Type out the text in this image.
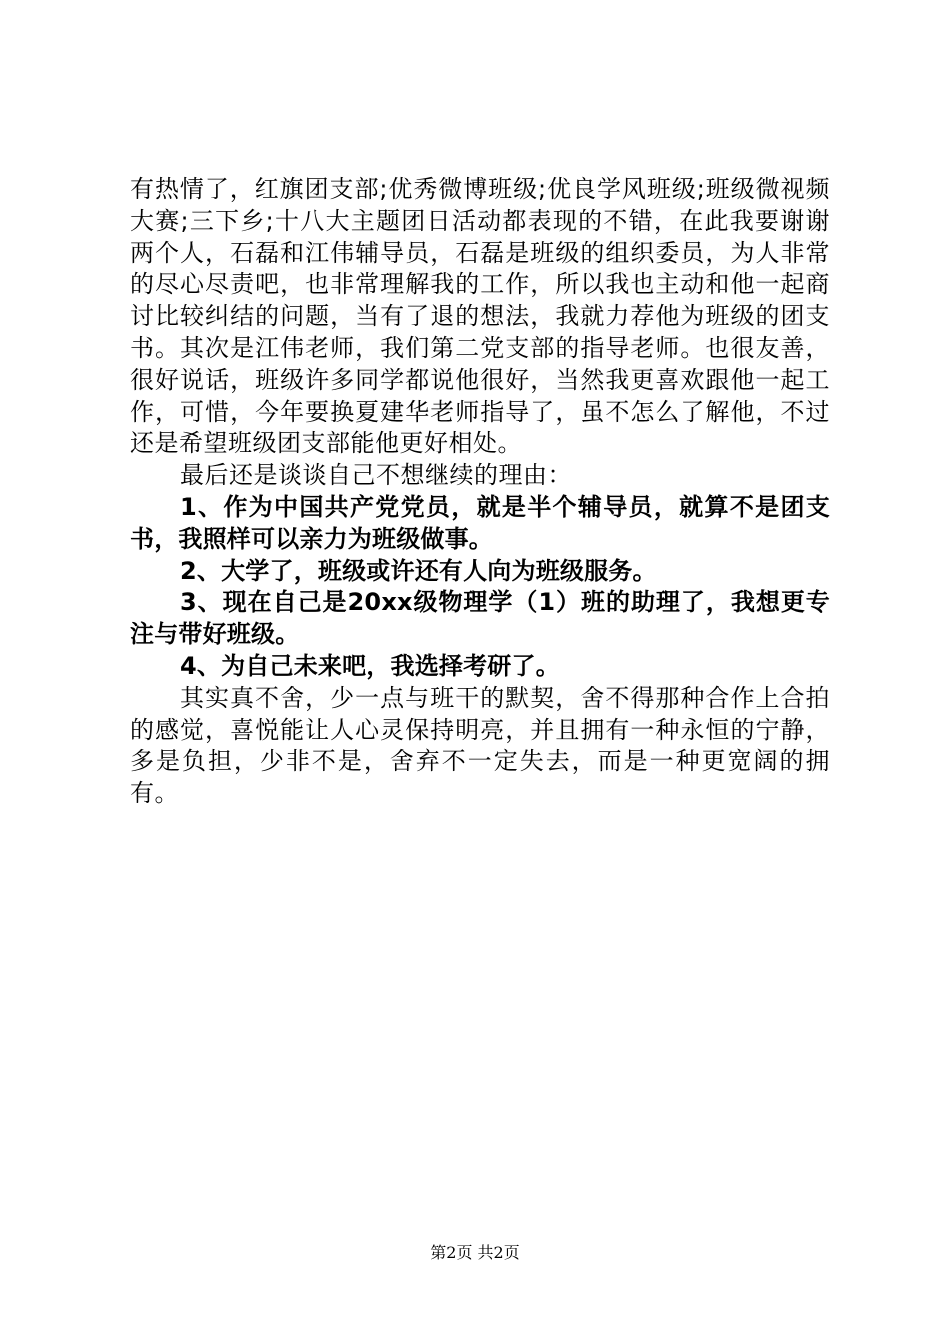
有热情了，红旗团支部;优秀微博班级;优良学风班级;班级微视频大赛;三下乡;十八大主题团日活动都表现的不错，在此我要谢谢两个人，石磊和江伟辅导员，石磊是班级的组织委员，为人非常的尽心尽责吧，也非常理解我的工作，所以我也主动和他一起商讨比较纠结的问题，当有了退的想法，我就力荐他为班级的团支书。其次是江伟老师，我们第二党支部的指导老师。也很友善，很好说话，班级许多同学都说他很好，当然我更喜欢跟他一起工作，可惜，今年要换夏建华老师指导了，虽不怎么了解他，不过还是希望班级团支部能他更好相处。

最后还是谈谈自己不想继续的理由：

1、作为中国共产党党员，就是半个辅导员，就算不是团支书，我照样可以亲力为班级做事。

2、大学了，班级或许还有人向为班级服务。

3、现在自己是20xx级物理学（1）班的助理了，我想更专注与带好班级。

4、为自己未来吧，我选择考研了。

其实真不舍，少一点与班干的默契，舍不得那种合作上合拍的感觉，喜悦能让人心灵保持明亮，并且拥有一种永恒的宁静，多是负担，少非不是，舍弃不一定失去，而是一种更宽阔的拥有。

第2页 共2页
